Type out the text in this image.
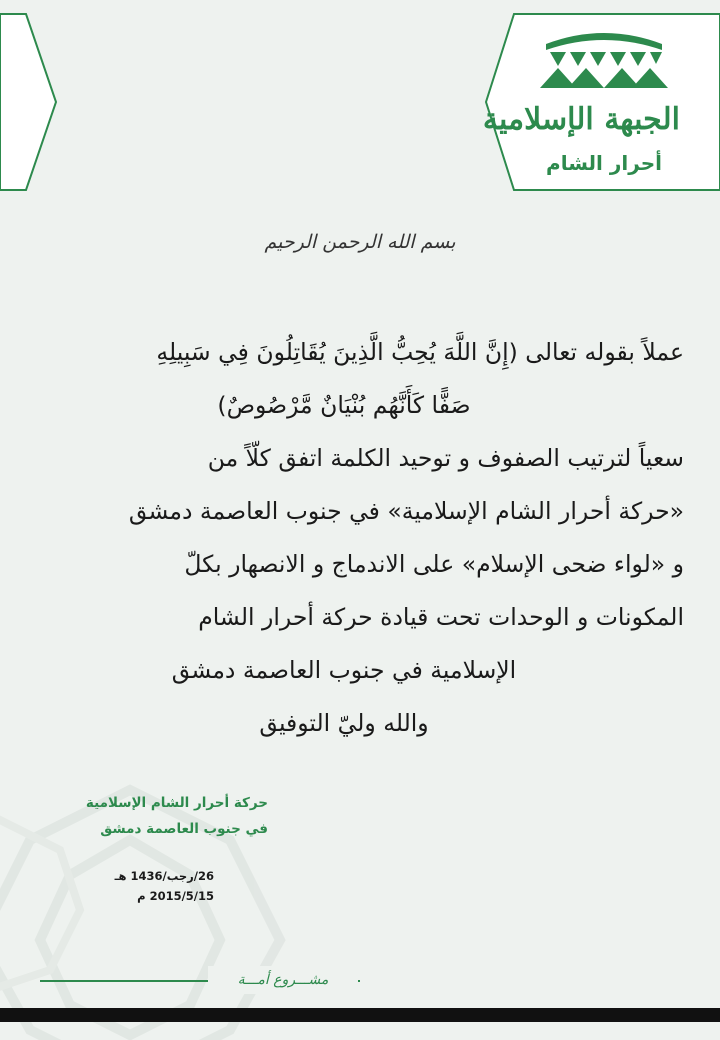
الجبهة الإسلامية
أحرار الشام
بسم الله الرحمن الرحيم
عملاً بقوله تعالى (إِنَّ اللَّهَ يُحِبُّ الَّذِينَ يُقَاتِلُونَ فِي سَبِيلِهِ
صَفًّا كَأَنَّهُم بُنْيَانٌ مَّرْصُوصٌ)
سعياً لترتيب الصفوف و توحيد الكلمة اتفق كلّاً من
«حركة أحرار الشام الإسلامية» في جنوب العاصمة دمشق
و «لواء ضحى الإسلام» على الاندماج و الانصهار بكلّ
المكونات و الوحدات تحت قيادة حركة أحرار الشام
الإسلامية في جنوب العاصمة دمشق
والله وليّ التوفيق
حركة أحرار الشام الإسلامية
في جنوب العاصمة دمشق
26/رجب/1436 هـ
2015/5/15 م
مشـــروع أمـــة
